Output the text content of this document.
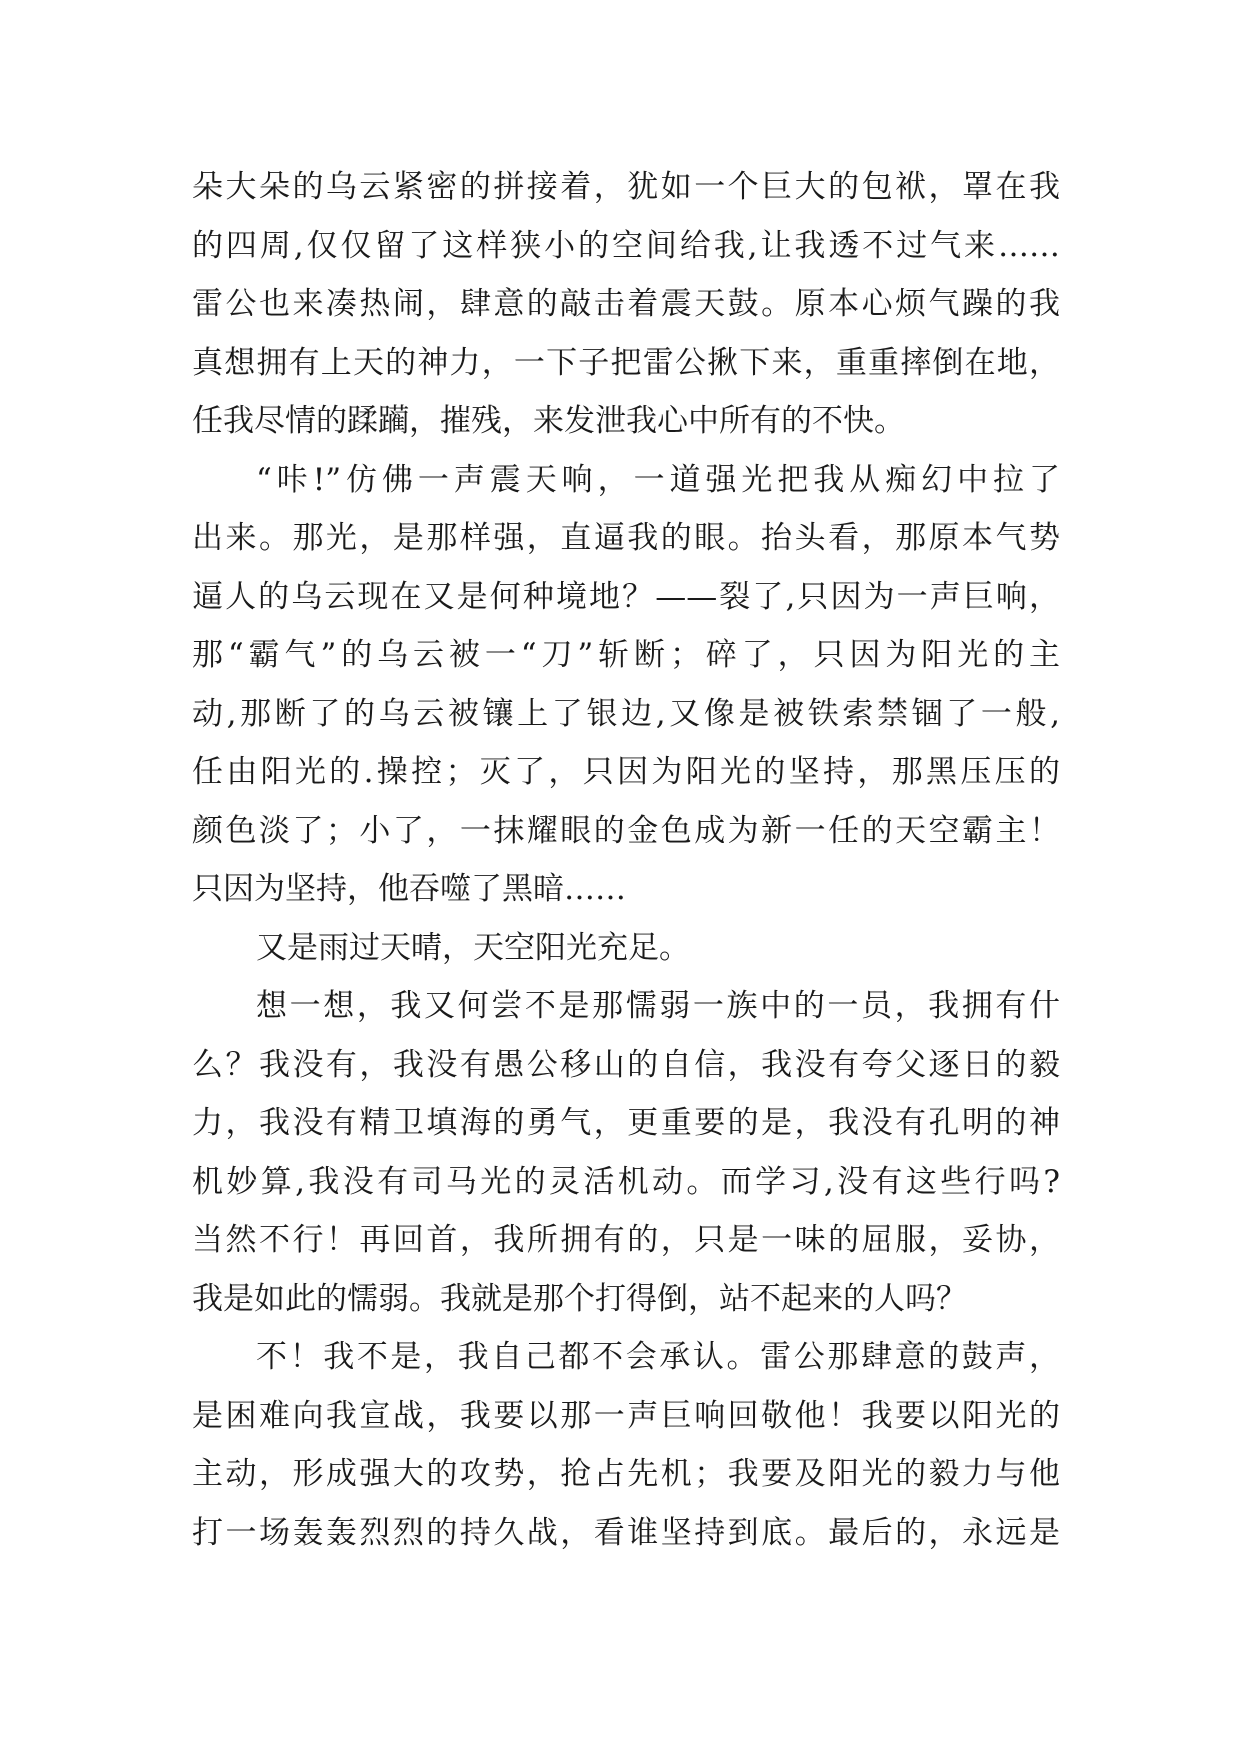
朵大朵的乌云紧密的拼接着，犹如一个巨大的包袱，罩在我
的四周,仅仅留了这样狭小的空间给我,让我透不过气来……
雷公也来凑热闹，肆意的敲击着震天鼓。原本心烦气躁的我
真想拥有上天的神力，一下子把雷公揪下来，重重摔倒在地，
任我尽情的蹂躏，摧残，来发泄我心中所有的不快。
“咔!”仿佛一声震天响，一道强光把我从痴幻中拉了
出来。那光，是那样强，直逼我的眼。抬头看，那原本气势
逼人的乌云现在又是何种境地？——裂了,只因为一声巨响，
那“霸气”的乌云被一“刀”斩断；碎了，只因为阳光的主
动,那断了的乌云被镶上了银边,又像是被铁索禁锢了一般,
任由阳光的.操控；灭了，只因为阳光的坚持，那黑压压的
颜色淡了；小了，一抹耀眼的金色成为新一任的天空霸主！
只因为坚持，他吞噬了黑暗……
又是雨过天晴，天空阳光充足。
想一想，我又何尝不是那懦弱一族中的一员，我拥有什
么？我没有，我没有愚公移山的自信，我没有夸父逐日的毅
力，我没有精卫填海的勇气，更重要的是，我没有孔明的神
机妙算,我没有司马光的灵活机动。而学习,没有这些行吗?
当然不行！再回首，我所拥有的，只是一味的屈服，妥协，
我是如此的懦弱。我就是那个打得倒，站不起来的人吗？
不！我不是，我自己都不会承认。雷公那肆意的鼓声，
是困难向我宣战，我要以那一声巨响回敬他！我要以阳光的
主动，形成强大的攻势，抢占先机；我要及阳光的毅力与他
打一场轰轰烈烈的持久战，看谁坚持到底。最后的，永远是
